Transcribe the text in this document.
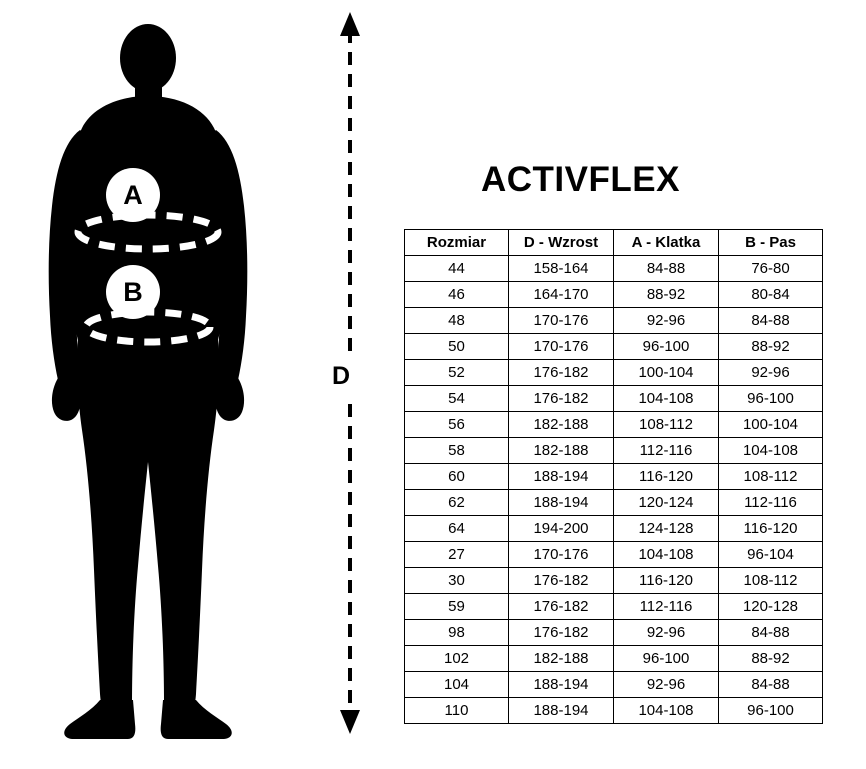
A
B
D
ACTIVFLEX
Rozmiar	D - Wzrost	A - Klatka	B - Pas
44	158-164	84-88	76-80
46	164-170	88-92	80-84
48	170-176	92-96	84-88
50	170-176	96-100	88-92
52	176-182	100-104	92-96
54	176-182	104-108	96-100
56	182-188	108-112	100-104
58	182-188	112-116	104-108
60	188-194	116-120	108-112
62	188-194	120-124	112-116
64	194-200	124-128	116-120
27	170-176	104-108	96-104
30	176-182	116-120	108-112
59	176-182	112-116	120-128
98	176-182	92-96	84-88
102	182-188	96-100	88-92
104	188-194	92-96	84-88
110	188-194	104-108	96-100
